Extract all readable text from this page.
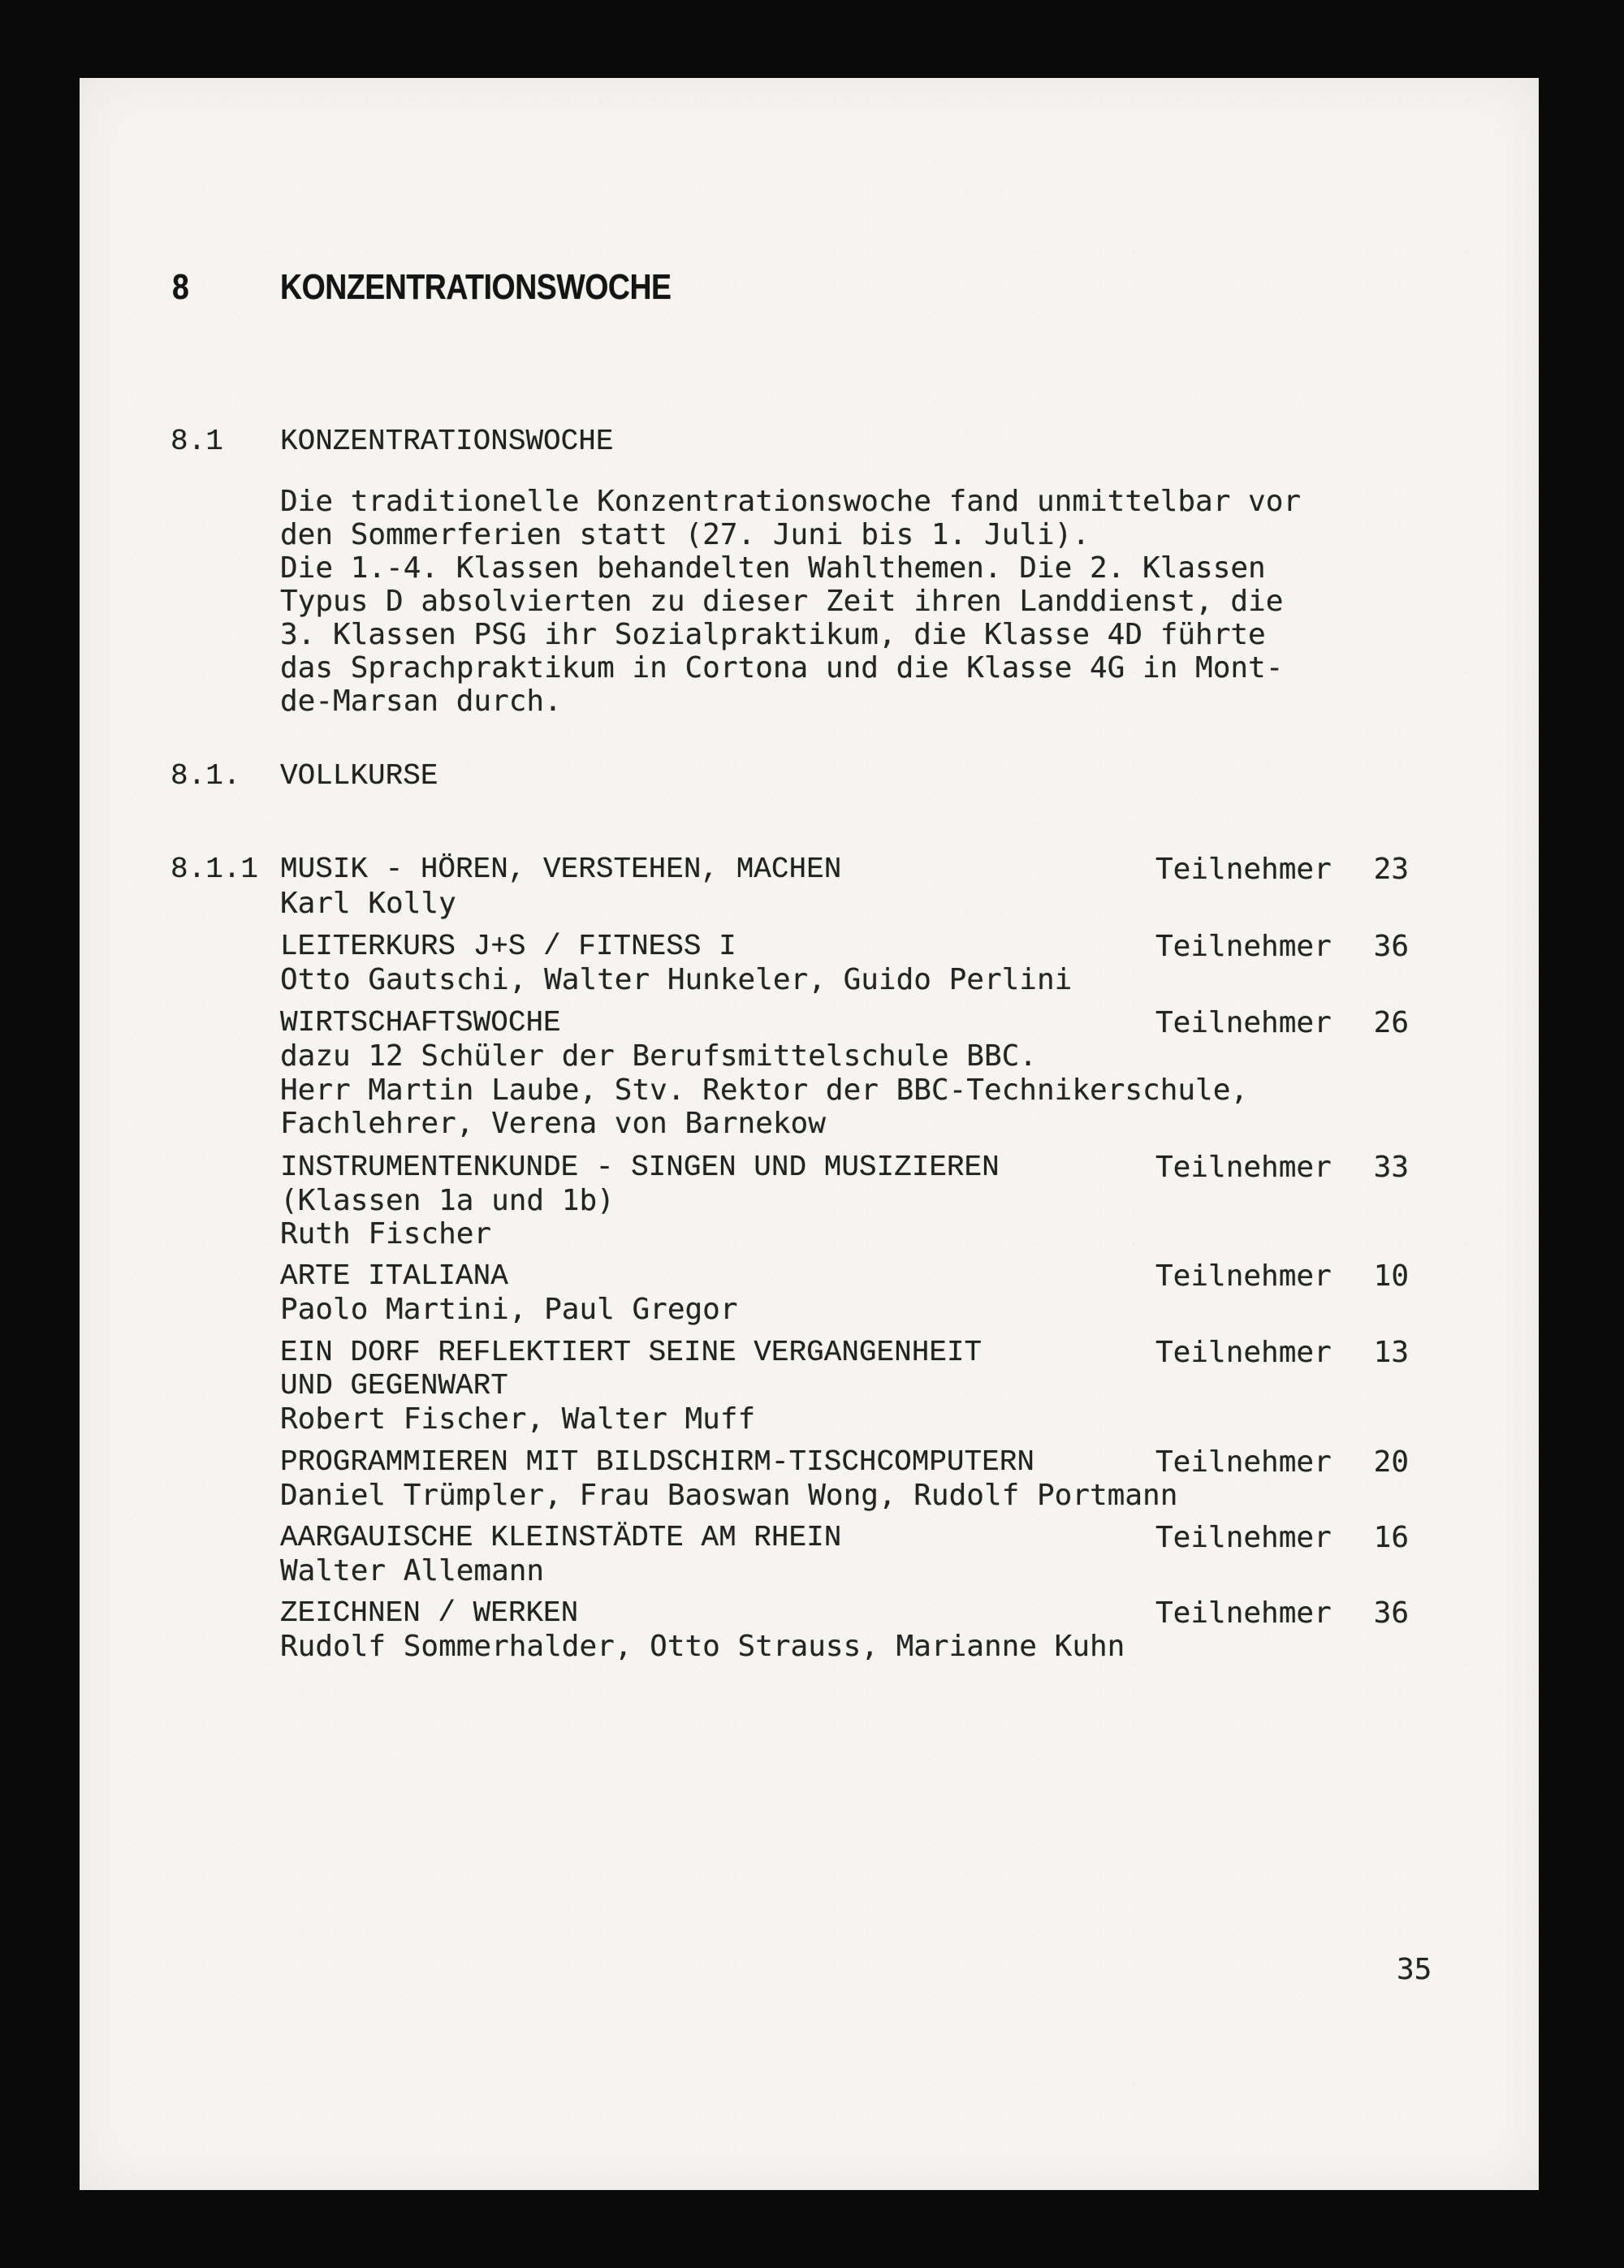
8	KONZENTRATIONSWOCHE
8.1 KONZENTRATIONSWOCHE
Die traditionelle Konzentrationswoche fand unmittelbar vor
den Sommerferien statt (27. Juni bis 1. Juli).
Die 1.-4. Klassen behandelten Wahlthemen. Die 2. Klassen
Typus D absolvierten zu dieser Zeit ihren Landdienst, die
3. Klassen PSG ihr Sozialpraktikum, die Klasse 4D führte
das Sprachpraktikum in Cortona und die Klasse 4G in Mont-
de-Marsan durch.
8.1. VOLLKURSE
8.1.1 MUSIK - HÖREN, VERSTEHEN, MACHEN	Teilnehmer	23
Karl Kolly
LEITERKURS J+S / FITNESS I	Teilnehmer	36
Otto Gautschi, Walter Hunkeler, Guido Perlini
WIRTSCHAFTSWOCHE	Teilnehmer	26
dazu 12 Schüler der Berufsmittelschule BBC.
Herr Martin Laube, Stv. Rektor der BBC-Technikerschule,
Fachlehrer, Verena von Barnekow
INSTRUMENTENKUNDE - SINGEN UND MUSIZIEREN	Teilnehmer	33
(Klassen 1a und 1b)
Ruth Fischer
ARTE ITALIANA	Teilnehmer	10
Paolo Martini, Paul Gregor
EIN DORF REFLEKTIERT SEINE VERGANGENHEIT	Teilnehmer	13
UND GEGENWART
Robert Fischer, Walter Muff
PROGRAMMIEREN MIT BILDSCHIRM-TISCHCOMPUTERN	Teilnehmer	20
Daniel Trümpler, Frau Baoswan Wong, Rudolf Portmann
AARGAUISCHE KLEINSTÄDTE AM RHEIN	Teilnehmer	16
Walter Allemann
ZEICHNEN / WERKEN	Teilnehmer	36
Rudolf Sommerhalder, Otto Strauss, Marianne Kuhn
35
